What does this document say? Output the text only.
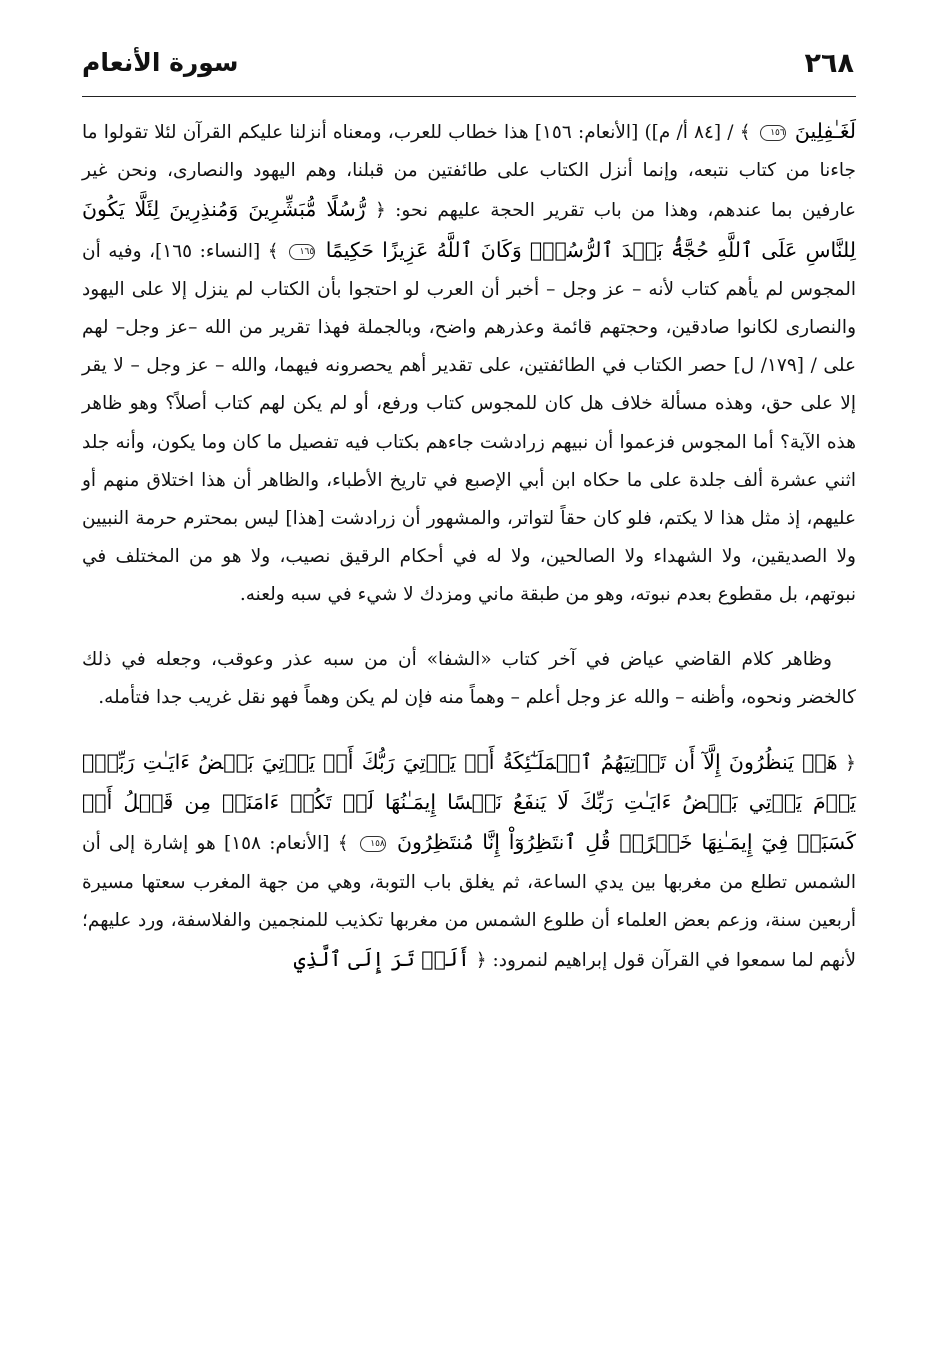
٢٦٨
سورة الأنعام

لَغَـٰفِلِينَ ١٥٦ ﴾ / [٨٤ أ/ م]) [الأنعام: ١٥٦] هذا خطاب للعرب، ومعناه أنزلنا عليكم القرآن لئلا تقولوا ما جاءنا من كتاب نتبعه، وإنما أنزل الكتاب على طائفتين من قبلنا، وهم اليهود والنصارى، ونحن غير عارفين بما عندهم، وهذا من باب تقرير الحجة عليهم نحو: ﴿ رُّسُلًا مُّبَشِّرِينَ وَمُنذِرِينَ لِئَلَّا يَكُونَ لِلنَّاسِ عَلَى ٱللَّهِ حُجَّةُۢ بَعۡدَ ٱلرُّسُلِۚ وَكَانَ ٱللَّهُ عَزِيزًا حَكِيمًا ١٦٥ ﴾ [النساء: ١٦٥]، وفيه أن المجوس لم يأهم كتاب لأنه – عز وجل – أخبر أن العرب لو احتجوا بأن الكتاب لم ينزل إلا على اليهود والنصارى لكانوا صادقين، وحجتهم قائمة وعذرهم واضح، وبالجملة فهذا تقرير من الله –عز وجل– لهم على / [١٧٩/ ل] حصر الكتاب في الطائفتين، على تقدير أهم يحصرونه فيهما، والله – عز وجل – لا يقر إلا على حق، وهذه مسألة خلاف هل كان للمجوس كتاب ورفع، أو لم يكن لهم كتاب أصلاً؟ وهو ظاهر هذه الآية؟ أما المجوس فزعموا أن نبيهم زرادشت جاءهم بكتاب فيه تفصيل ما كان وما يكون، وأنه جلد اثني عشرة ألف جلدة على ما حكاه ابن أبي الإصبع في تاريخ الأطباء، والظاهر أن هذا اختلاق منهم أو عليهم، إذ مثل هذا لا يكتم، فلو كان حقاً لتواتر، والمشهور أن زرادشت [هذا] ليس بمحترم حرمة النبيين ولا الصديقين، ولا الشهداء ولا الصالحين، ولا له في أحكام الرقيق نصيب، ولا هو من المختلف في نبوتهم، بل مقطوع بعدم نبوته، وهو من طبقة ماني ومزدك لا شيء في سبه ولعنه.

وظاهر كلام القاضي عياض في آخر كتاب «الشفا» أن من سبه عذر وعوقب، وجعله في ذلك كالخضر ونحوه، وأظنه – والله عز وجل أعلم – وهماً منه فإن لم يكن وهماً فهو نقل غريب جدا فتأمله.

﴿ هَلۡ يَنظُرُونَ إِلَّآ أَن تَأۡتِيَهُمُ ٱلۡمَلَـٰٓئِكَةُ أَوۡ يَأۡتِيَ رَبُّكَ أَوۡ يَأۡتِيَ بَعۡضُ ءَايَـٰتِ رَبِّكَۗ يَوۡمَ يَأۡتِي بَعۡضُ ءَايَـٰتِ رَبِّكَ لَا يَنفَعُ نَفۡسًا إِيمَـٰنُهَا لَمۡ تَكُنۡ ءَامَنَتۡ مِن قَبۡلُ أَوۡ كَسَبَتۡ فِيٓ إِيمَـٰنِهَا خَيۡرًاۗ قُلِ ٱنتَظِرُوٓاْ إِنَّا مُنتَظِرُونَ ١٥٨ ﴾ [الأنعام: ١٥٨] هو إشارة إلى أن الشمس تطلع من مغربها بين يدي الساعة، ثم يغلق باب التوبة، وهي من جهة المغرب سعتها مسيرة أربعين سنة، وزعم بعض العلماء أن طلوع الشمس من مغربها تكذيب للمنجمين والفلاسفة، ورد عليهم؛ لأنهم لما سمعوا في القرآن قول إبراهيم لنمرود: ﴿ أَلَمۡ تَرَ إِلَى ٱلَّذِي
